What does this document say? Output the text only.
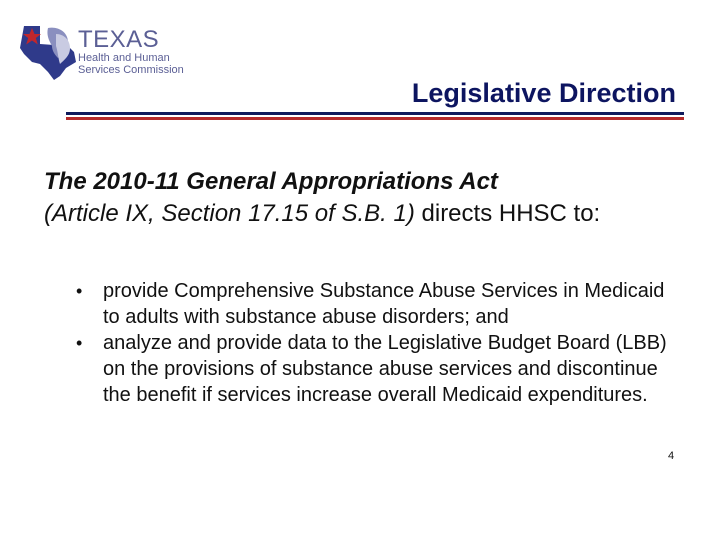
TEXAS
Health and Human
Services Commission
Legislative Direction
The 2010-11 General Appropriations Act
(Article IX, Section 17.15 of S.B. 1) directs HHSC to:
• provide Comprehensive Substance Abuse Services in Medicaid to adults with substance abuse disorders; and
• analyze and provide data to the Legislative Budget Board (LBB) on the provisions of substance abuse services and discontinue the benefit if services increase overall Medicaid expenditures.
4
